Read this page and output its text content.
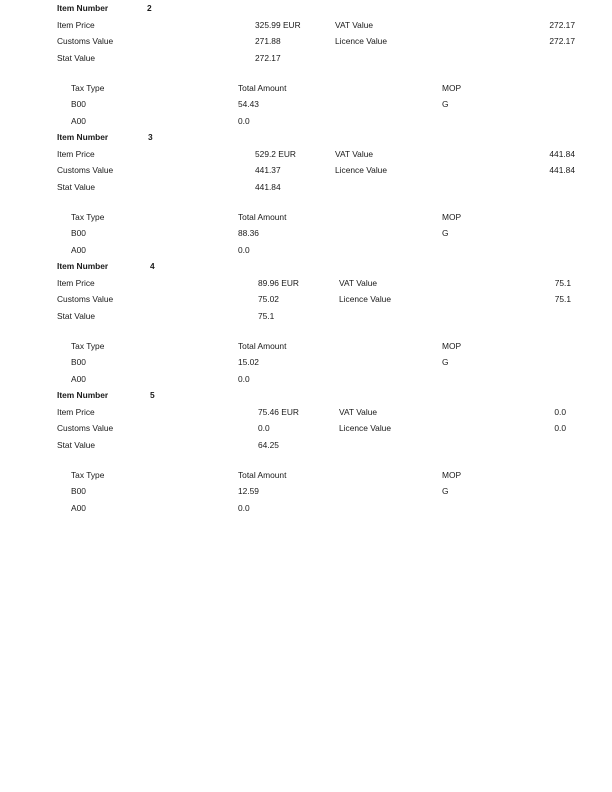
Item Number	2
Item Price	325.99 EUR	VAT Value	272.17
Customs Value	271.88	Licence Value	272.17
Stat Value	272.17
Tax Type	Total Amount	MOP
B00	54.43	G
A00	0.0
Item Number	3
Item Price	529.2 EUR	VAT Value	441.84
Customs Value	441.37	Licence Value	441.84
Stat Value	441.84
Tax Type	Total Amount	MOP
B00	88.36	G
A00	0.0
Item Number	4
Item Price	89.96 EUR	VAT Value	75.1
Customs Value	75.02	Licence Value	75.1
Stat Value	75.1
Tax Type	Total Amount	MOP
B00	15.02	G
A00	0.0
Item Number	5
Item Price	75.46 EUR	VAT Value	0.0
Customs Value	0.0	Licence Value	0.0
Stat Value	64.25
Tax Type	Total Amount	MOP
B00	12.59	G
A00	0.0
